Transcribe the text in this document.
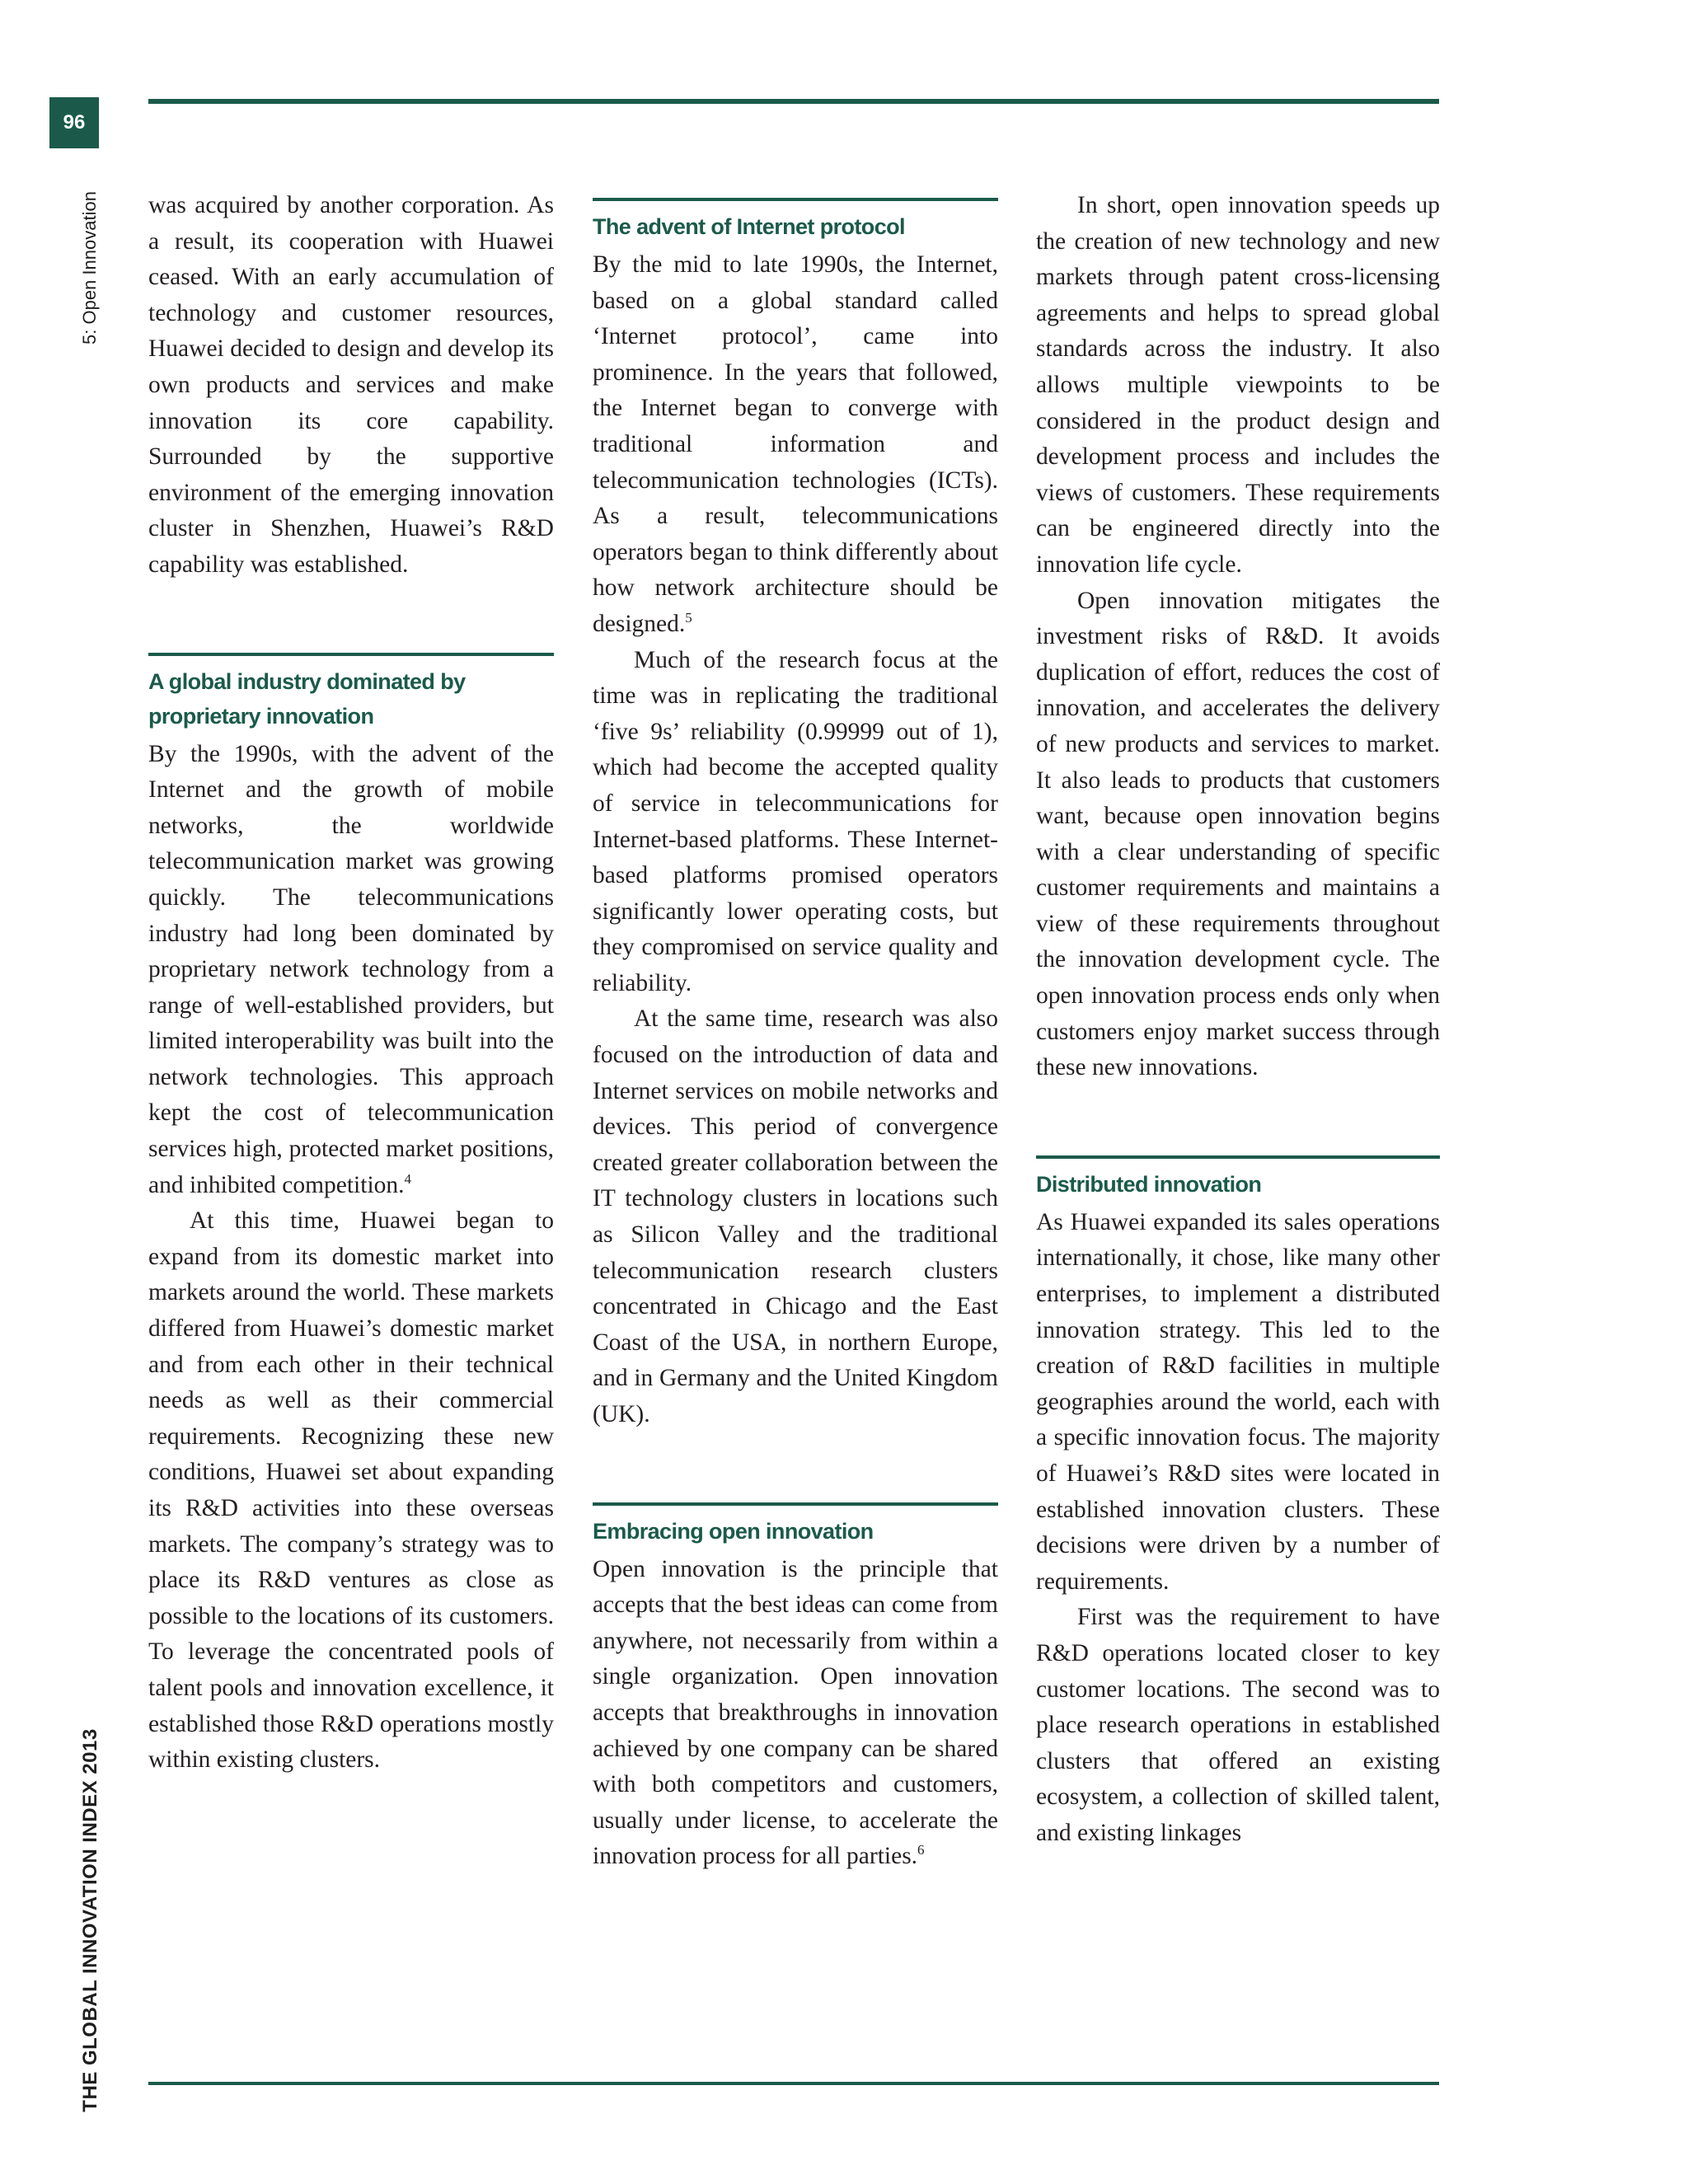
96
5: Open Innovation
THE GLOBAL INNOVATION INDEX 2013

was acquired by another corporation. As a result, its cooperation with Huawei ceased. With an early accumulation of technology and customer resources, Huawei decided to design and develop its own products and services and make innovation its core capability. Surrounded by the supportive environment of the emerging innovation cluster in Shenzhen, Huawei’s R&D capability was established.

A global industry dominated by proprietary innovation

By the 1990s, with the advent of the Internet and the growth of mobile networks, the worldwide telecommunication market was growing quickly. The telecommunications industry had long been dominated by proprietary network technology from a range of well-established providers, but limited interoperability was built into the network technologies. This approach kept the cost of telecommunication services high, protected market positions, and inhibited competition.$^4$

At this time, Huawei began to expand from its domestic market into markets around the world. These markets differed from Huawei’s domestic market and from each other in their technical needs as well as their commercial requirements. Recognizing these new conditions, Huawei set about expanding its R&D activities into these overseas markets. The company’s strategy was to place its R&D ventures as close as possible to the locations of its customers. To leverage the concentrated pools of talent pools and innovation excellence, it established those R&D operations mostly within existing clusters.

The advent of Internet protocol

By the mid to late 1990s, the Internet, based on a global standard called ‘Internet protocol’, came into prominence. In the years that followed, the Internet began to converge with traditional information and telecommunication technologies (ICTs). As a result, telecommunications operators began to think differently about how network architecture should be designed.$^5$

Much of the research focus at the time was in replicating the traditional ‘five 9s’ reliability (0.99999 out of 1), which had become the accepted quality of service in telecommunications for Internet-based platforms. These Internet-based platforms promised operators significantly lower operating costs, but they compromised on service quality and reliability.

At the same time, research was also focused on the introduction of data and Internet services on mobile networks and devices. This period of convergence created greater collaboration between the IT technology clusters in locations such as Silicon Valley and the traditional telecommunication research clusters concentrated in Chicago and the East Coast of the USA, in northern Europe, and in Germany and the United Kingdom (UK).

Embracing open innovation

Open innovation is the principle that accepts that the best ideas can come from anywhere, not necessarily from within a single organization. Open innovation accepts that breakthroughs in innovation achieved by one company can be shared with both competitors and customers, usually under license, to accelerate the innovation process for all parties.$^6$

In short, open innovation speeds up the creation of new technology and new markets through patent cross-licensing agreements and helps to spread global standards across the industry. It also allows multiple viewpoints to be considered in the product design and development process and includes the views of customers. These requirements can be engineered directly into the innovation life cycle.

Open innovation mitigates the investment risks of R&D. It avoids duplication of effort, reduces the cost of innovation, and accelerates the delivery of new products and services to market. It also leads to products that customers want, because open innovation begins with a clear understanding of specific customer requirements and maintains a view of these requirements throughout the innovation development cycle. The open innovation process ends only when customers enjoy market success through these new innovations.

Distributed innovation

As Huawei expanded its sales operations internationally, it chose, like many other enterprises, to implement a distributed innovation strategy. This led to the creation of R&D facilities in multiple geographies around the world, each with a specific innovation focus. The majority of Huawei’s R&D sites were located in established innovation clusters. These decisions were driven by a number of requirements.

First was the requirement to have R&D operations located closer to key customer locations. The second was to place research operations in established clusters that offered an existing ecosystem, a collection of skilled talent, and existing linkages
